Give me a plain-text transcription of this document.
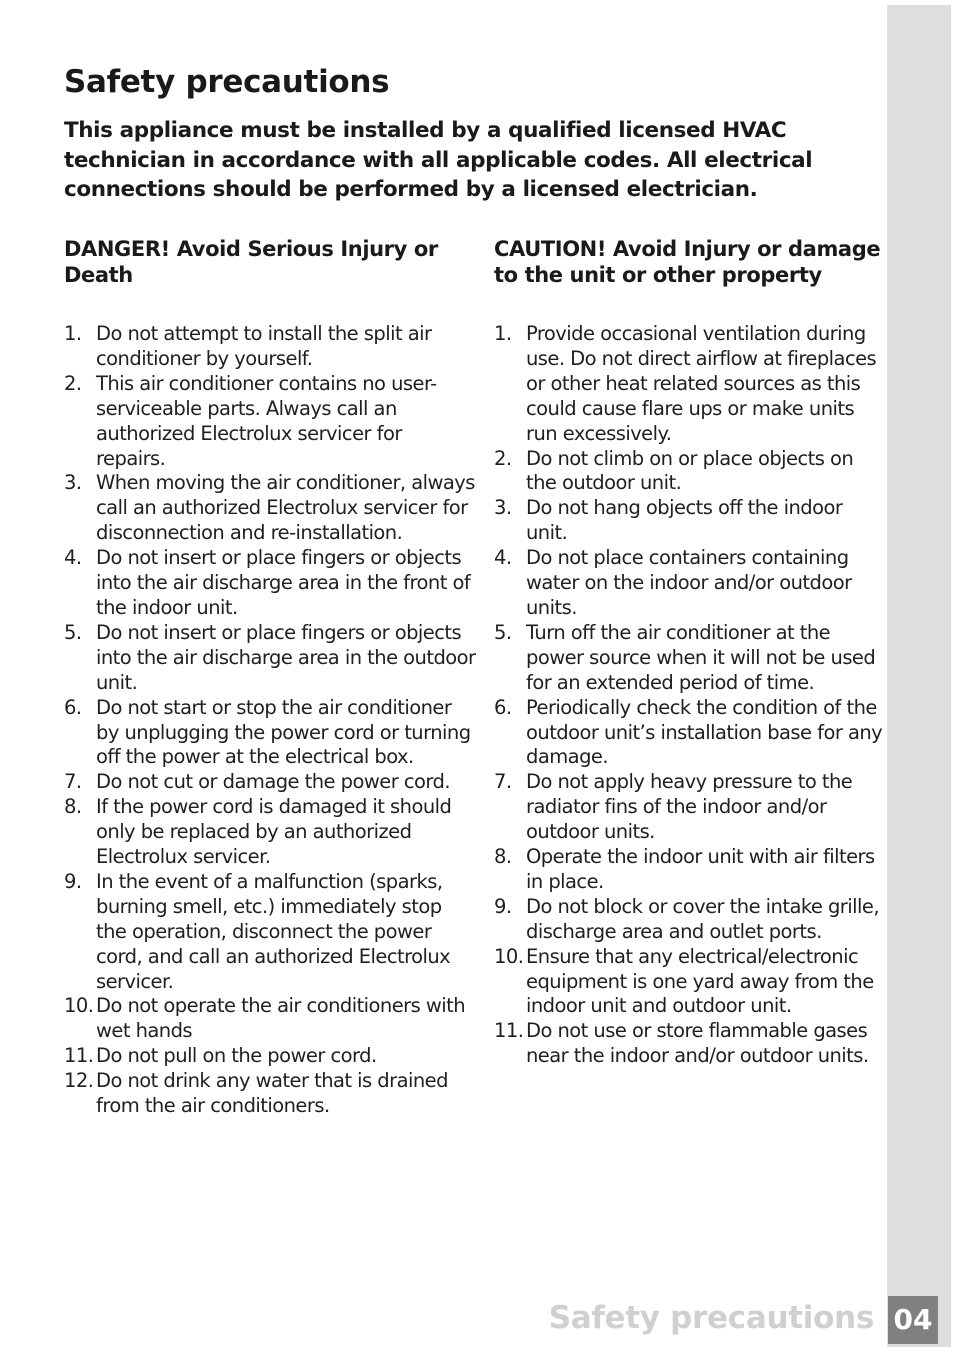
Safety precautions

This appliance must be installed by a qualified licensed HVAC technician in accordance with all applicable codes. All electrical connections should be performed by a licensed electrician.

DANGER! Avoid Serious Injury or Death
1. Do not attempt to install the split air conditioner by yourself.
2. This air conditioner contains no user-serviceable parts. Always call an authorized Electrolux servicer for repairs.
3. When moving the air conditioner, always call an authorized Electrolux servicer for disconnection and re-installation.
4. Do not insert or place fingers or objects into the air discharge area in the front of the indoor unit.
5. Do not insert or place fingers or objects into the air discharge area in the outdoor unit.
6. Do not start or stop the air conditioner by unplugging the power cord or turning off the power at the electrical box.
7. Do not cut or damage the power cord.
8. If the power cord is damaged it should only be replaced by an authorized Electrolux servicer.
9. In the event of a malfunction (sparks, burning smell, etc.) immediately stop the operation, disconnect the power cord, and call an authorized Electrolux servicer.
10. Do not operate the air conditioners with wet hands
11. Do not pull on the power cord.
12. Do not drink any water that is drained from the air conditioners.
CAUTION! Avoid Injury or damage to the unit or other property
1. Provide occasional ventilation during use. Do not direct airflow at fireplaces or other heat related sources as this could cause flare ups or make units run excessively.
2. Do not climb on or place objects on the outdoor unit.
3. Do not hang objects off the indoor unit.
4. Do not place containers containing water on the indoor and/or outdoor units.
5. Turn off the air conditioner at the power source when it will not be used for an extended period of time.
6. Periodically check the condition of the outdoor unit’s installation base for any damage.
7. Do not apply heavy pressure to the radiator fins of the indoor and/or outdoor units.
8. Operate the indoor unit with air filters in place.
9. Do not block or cover the intake grille, discharge area and outlet ports.
10. Ensure that any electrical/electronic equipment is one yard away from the indoor unit and outdoor unit.
11. Do not use or store flammable gases near the indoor and/or outdoor units.
Safety precautions 04
